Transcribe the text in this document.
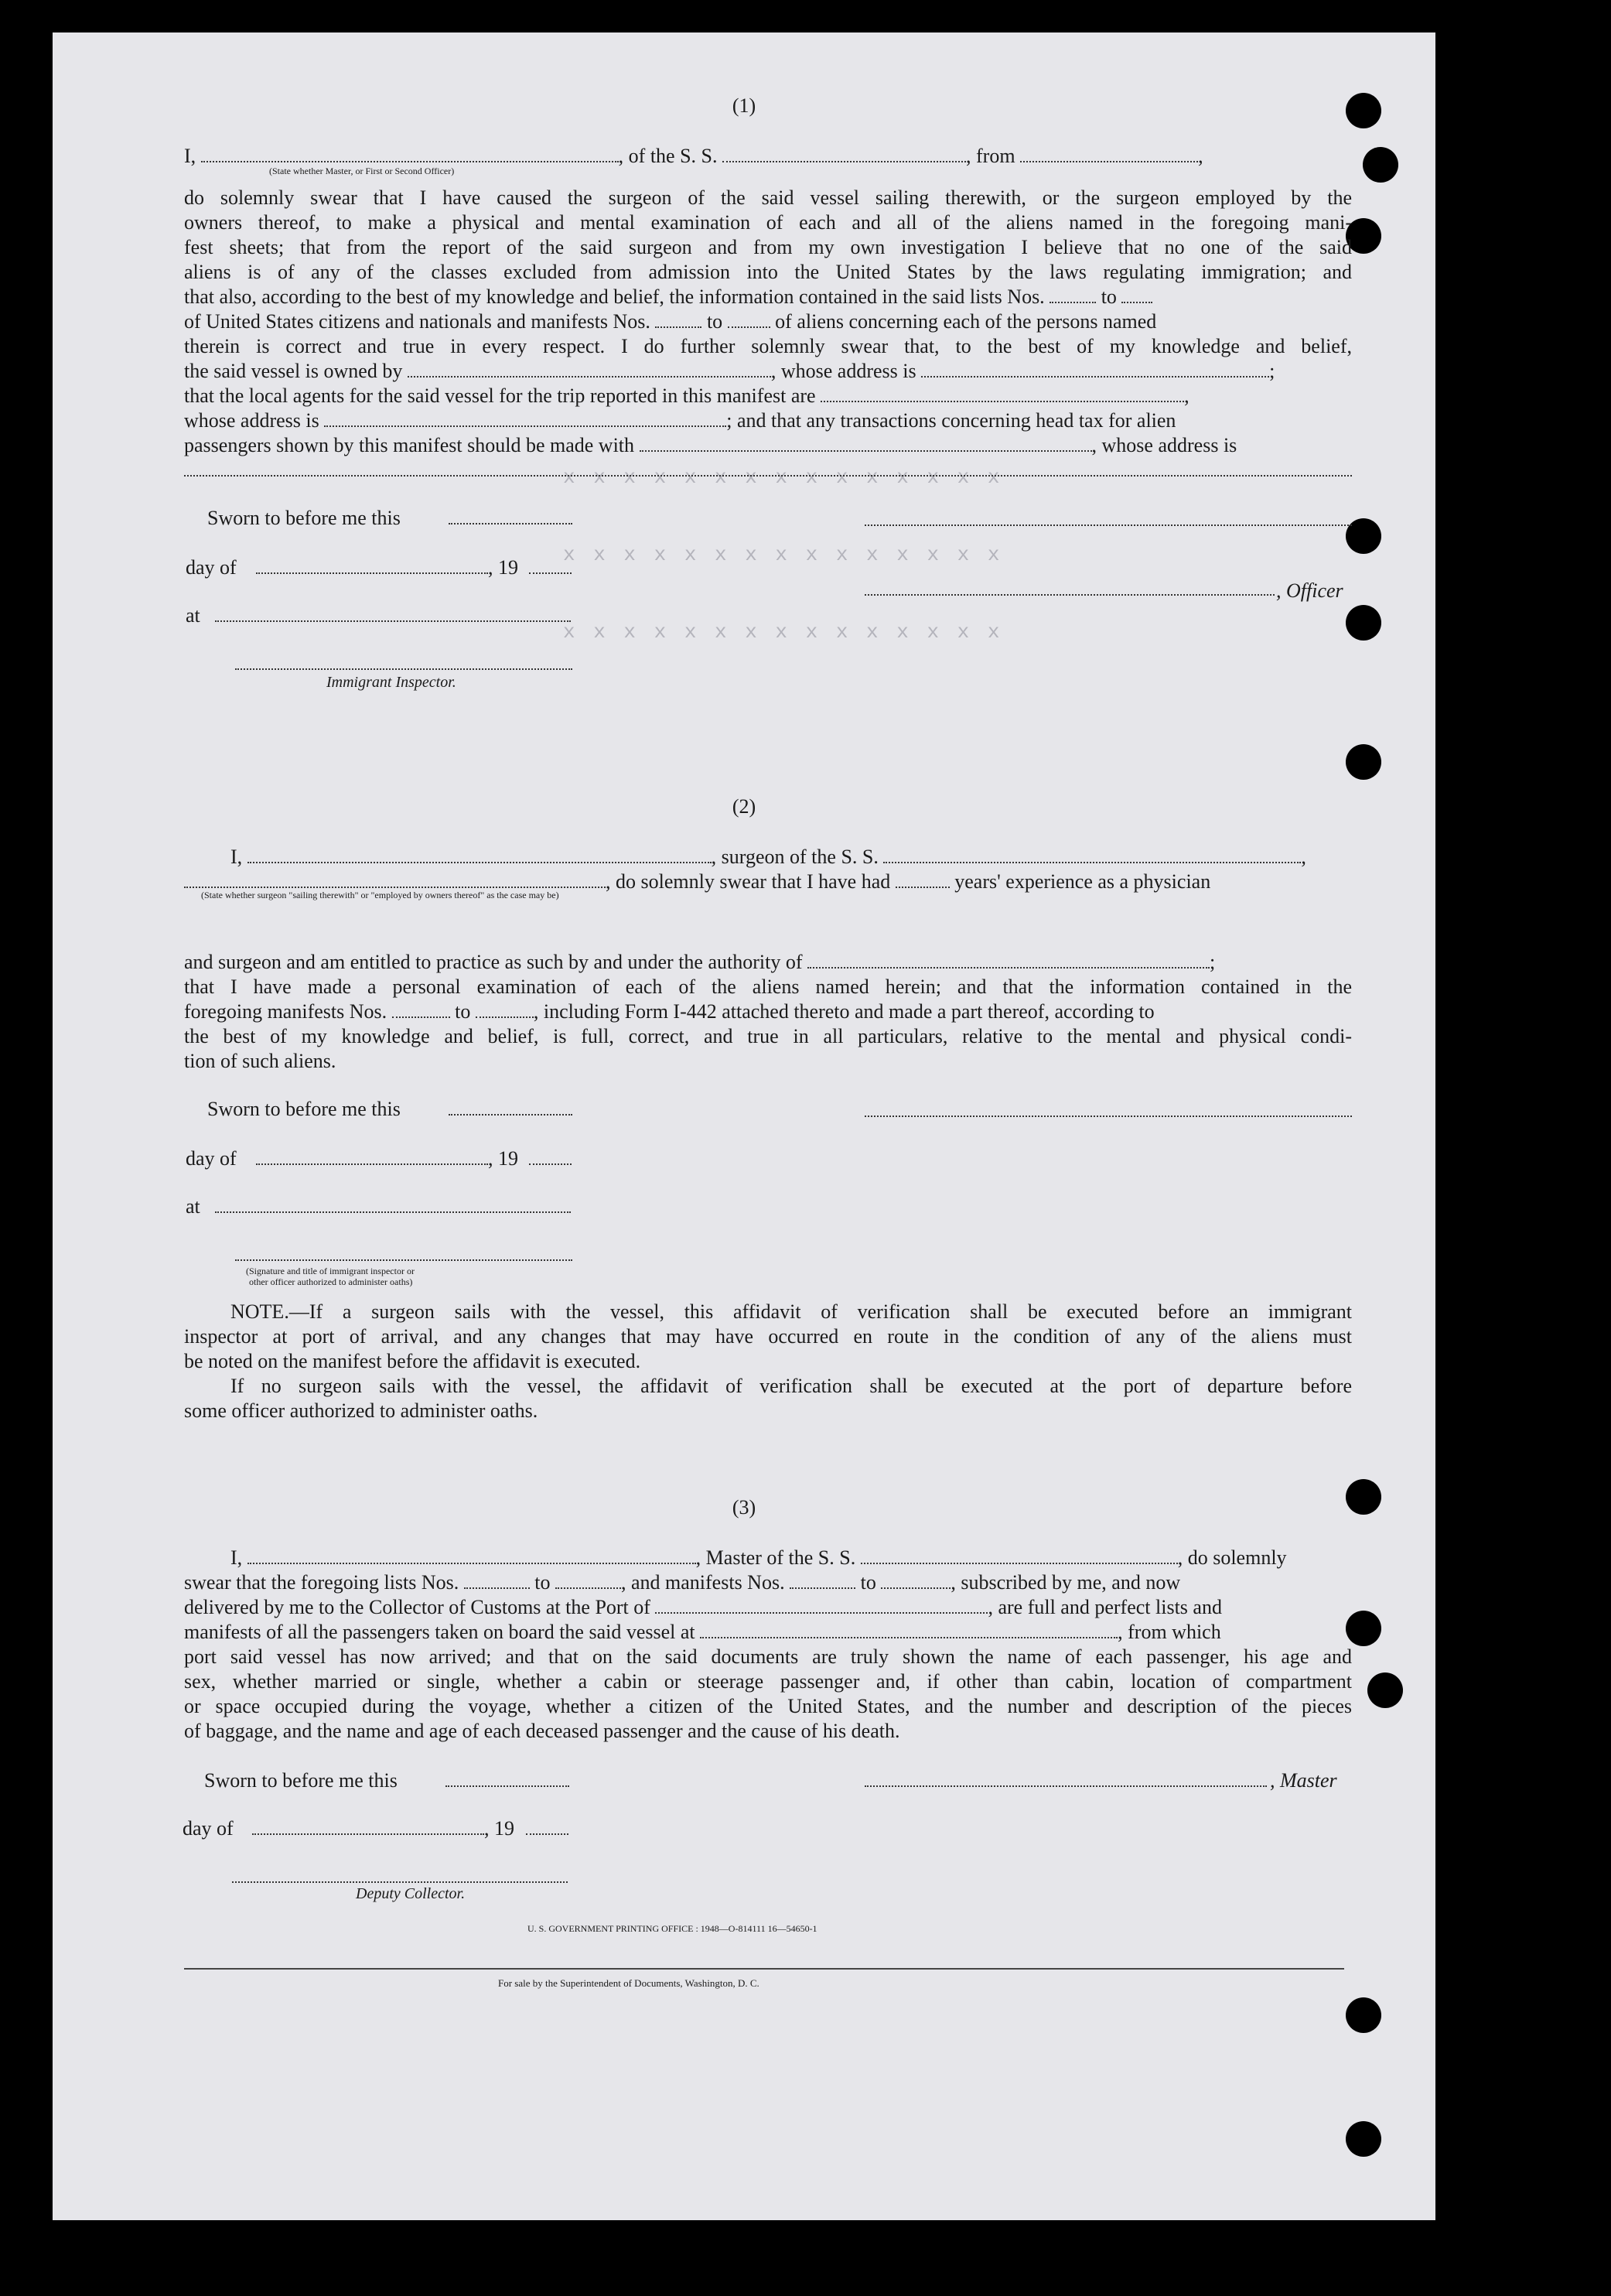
x x x x x x x x x x x x x x x
x x x x x x x x x x x x x x x
x x x x x x x x x x x x x x x
(1)
I,	, of the S. S.	, from	,
(State whether Master, or First or Second Officer)
do solemnly swear that I have caused the surgeon of the said vessel sailing therewith, or the surgeon employed by the
owners thereof, to make a physical and mental examination of each and all of the aliens named in the foregoing mani-
fest sheets; that from the report of the said surgeon and from my own investigation I believe that no one of the said
aliens is of any of the classes excluded from admission into the United States by the laws regulating immigration; and
that also, according to the best of my knowledge and belief, the information contained in the said lists Nos.	to
of United States citizens and nationals and manifests Nos.	to	of aliens concerning each of the persons named
therein is correct and true in every respect. I do further solemnly swear that, to the best of my knowledge and belief,
the said vessel is owned by	, whose address is	;
that the local agents for the said vessel for the trip reported in this manifest are	,
whose address is	; and that any transactions concerning head tax for alien
passengers shown by this manifest should be made with	, whose address is
Sworn to before me this
day of	, 19
, Officer
at
Immigrant Inspector.
(2)
I,	, surgeon of the S. S.	,
, do solemnly swear that I have had	years' experience as a physician
(State whether surgeon "sailing therewith" or "employed by owners thereof" as the case may be)
and surgeon and am entitled to practice as such by and under the authority of	;
that I have made a personal examination of each of the aliens named herein; and that the information contained in the
foregoing manifests Nos.	to	, including Form I-442 attached thereto and made a part thereof, according to
the best of my knowledge and belief, is full, correct, and true in all particulars, relative to the mental and physical condi-
tion of such aliens.
Sworn to before me this
day of	, 19
at
(Signature and title of immigrant inspector or
other officer authorized to administer oaths)
NOTE.—If a surgeon sails with the vessel, this affidavit of verification shall be executed before an immigrant
inspector at port of arrival, and any changes that may have occurred en route in the condition of any of the aliens must
be noted on the manifest before the affidavit is executed.
If no surgeon sails with the vessel, the affidavit of verification shall be executed at the port of departure before
some officer authorized to administer oaths.
(3)
I,	, Master of the S. S.	, do solemnly
swear that the foregoing lists Nos.	to	, and manifests Nos.	to	, subscribed by me, and now
delivered by me to the Collector of Customs at the Port of	, are full and perfect lists and
manifests of all the passengers taken on board the said vessel at	, from which
port said vessel has now arrived; and that on the said documents are truly shown the name of each passenger, his age and
sex, whether married or single, whether a cabin or steerage passenger and, if other than cabin, location of compartment
or space occupied during the voyage, whether a citizen of the United States, and the number and description of the pieces
of baggage, and the name and age of each deceased passenger and the cause of his death.
Sworn to before me this	, Master
day of	, 19
Deputy Collector.
U. S. GOVERNMENT PRINTING OFFICE : 1948—O-814111 16—54650-1
For sale by the Superintendent of Documents, Washington, D. C.
